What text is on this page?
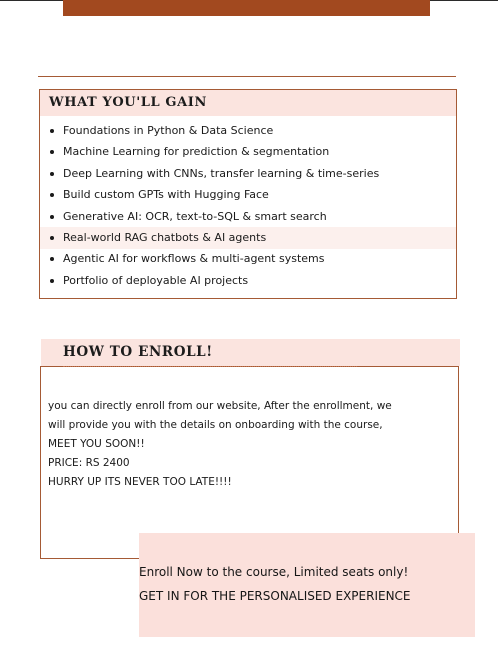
WHAT YOU'LL GAIN
Foundations in Python & Data Science
Machine Learning for prediction & segmentation
Deep Learning with CNNs, transfer learning & time-series
Build custom GPTs with Hugging Face
Generative AI: OCR, text-to-SQL & smart search
Real-world RAG chatbots & AI agents
Agentic AI for workflows & multi-agent systems
Portfolio of deployable AI projects
HOW TO ENROLL!
you can directly enroll from our website, After the enrollment, we
will provide you with the details on onboarding with the course,
MEET YOU SOON!!
PRICE: RS 2400
HURRY UP ITS NEVER TOO LATE!!!!
Enroll Now to the course, Limited seats only!
GET IN FOR THE PERSONALISED EXPERIENCE
